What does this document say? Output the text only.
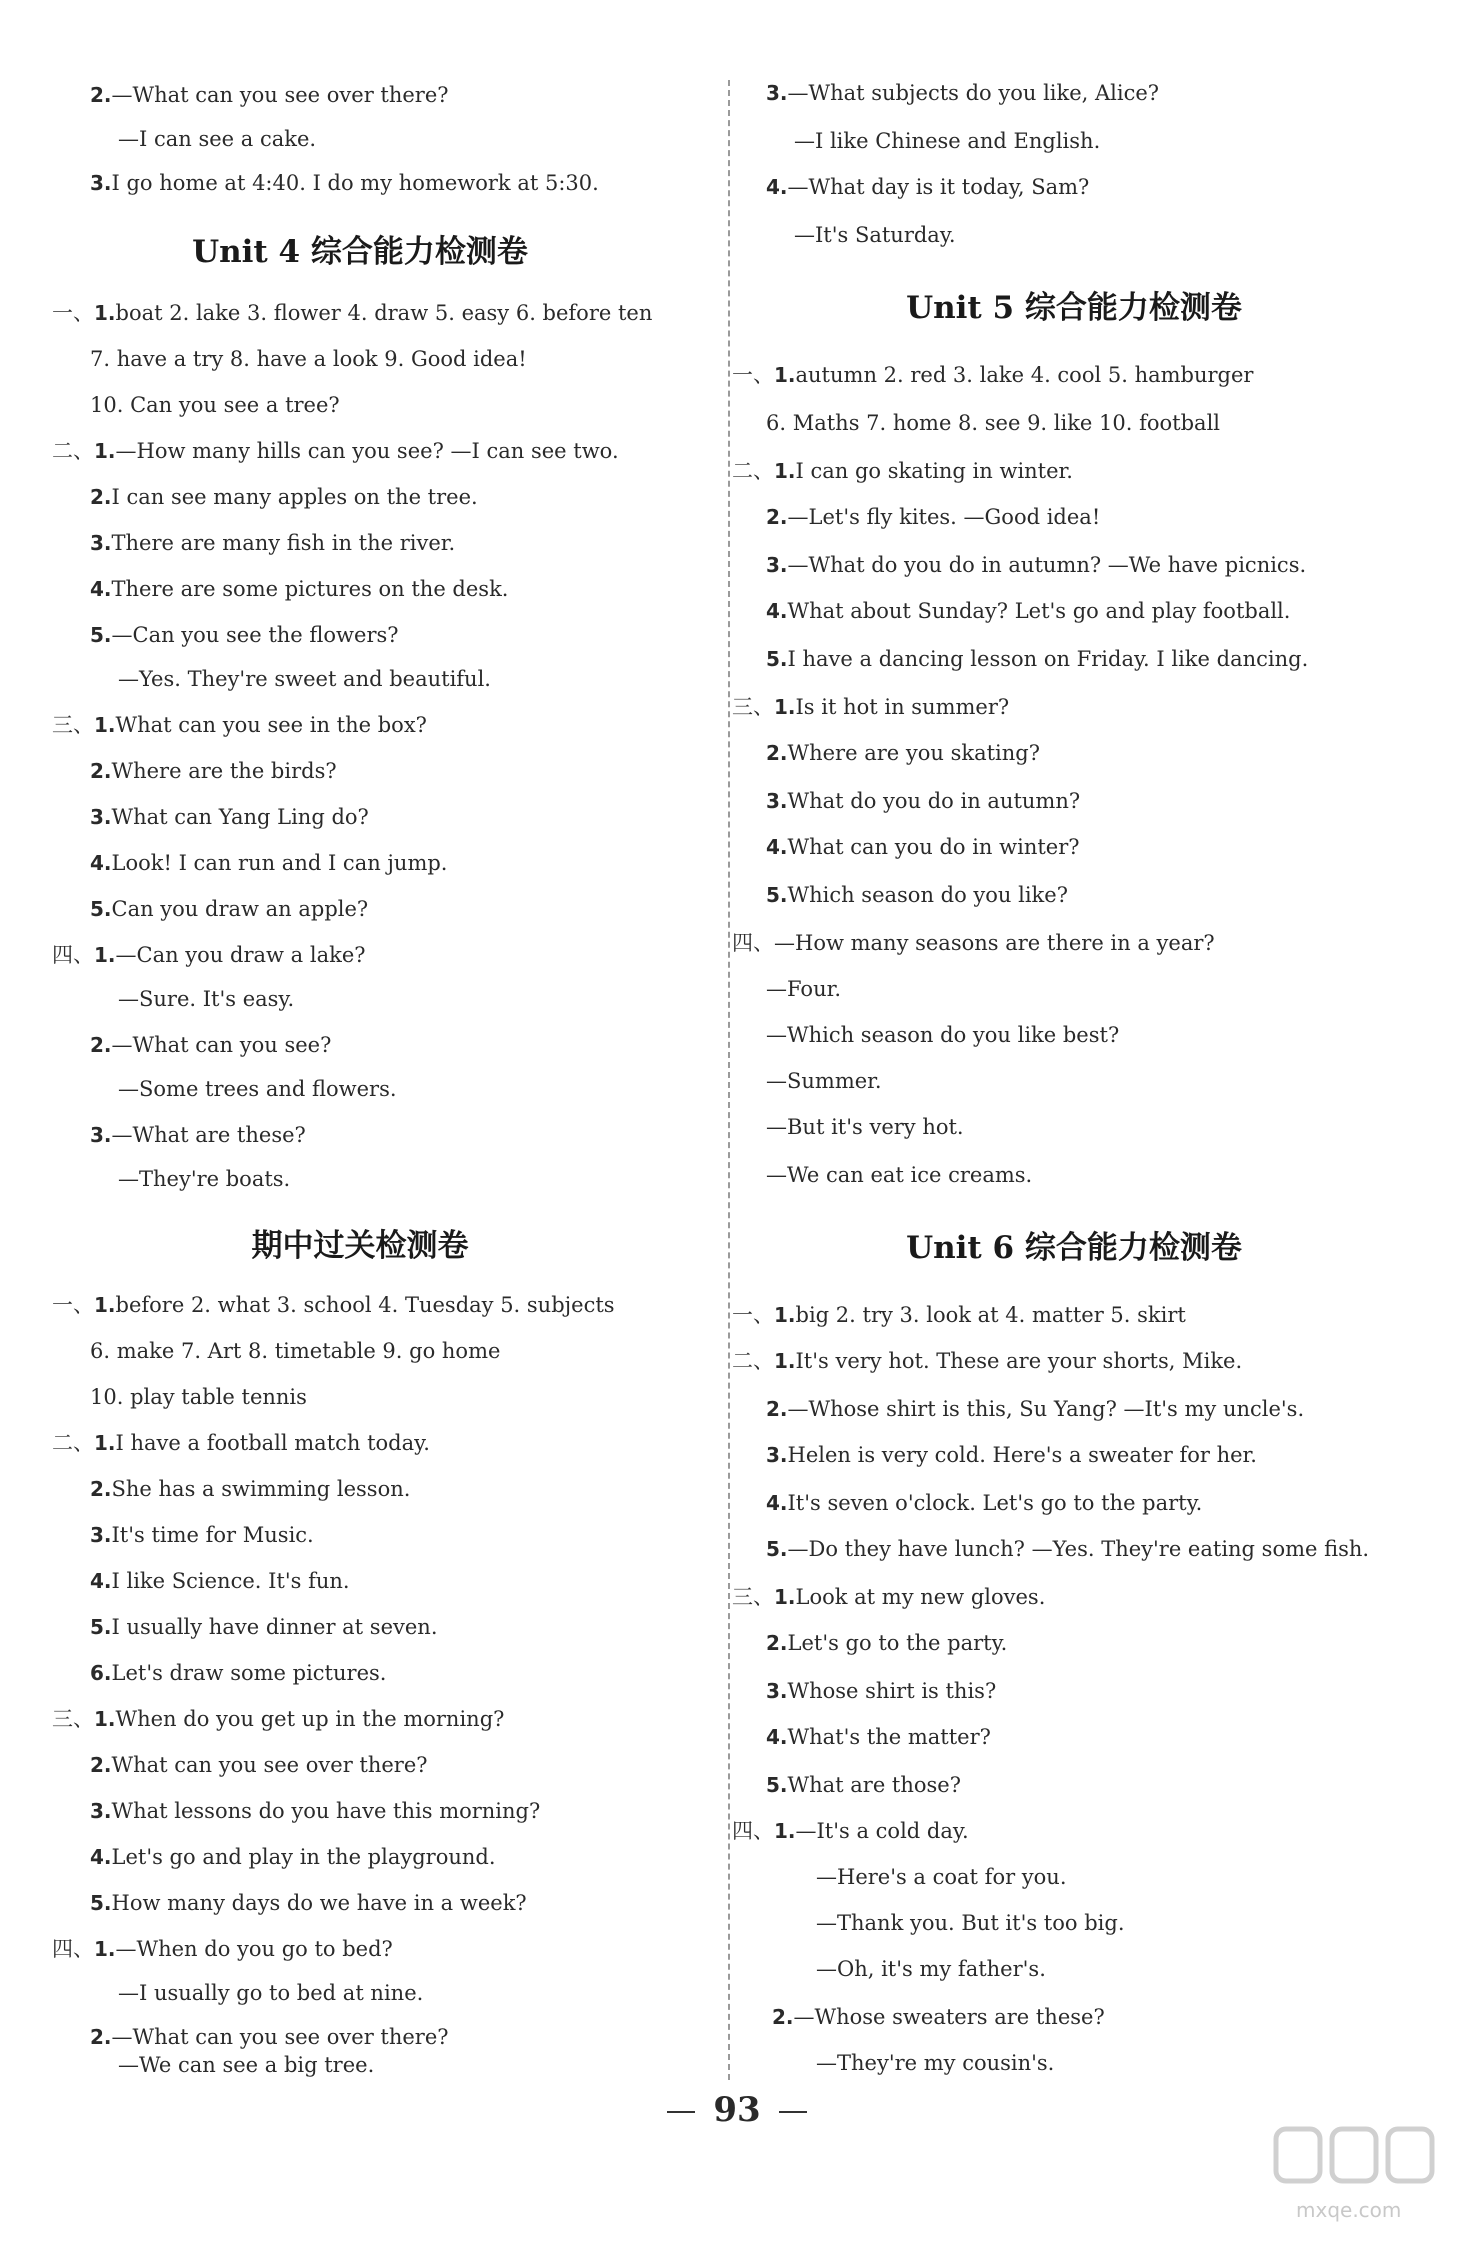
2.—What can you see over there?
—I can see a cake.
3.I go home at 4:40. I do my homework at 5:30.
Unit 4 综合能力检测卷
一、1.boat 2. lake 3. flower 4. draw 5. easy 6. before ten
7. have a try 8. have a look 9. Good idea!
10. Can you see a tree?
二、1.—How many hills can you see? —I can see two.
2.I can see many apples on the tree.
3.There are many fish in the river.
4.There are some pictures on the desk.
5.—Can you see the flowers?
—Yes. They're sweet and beautiful.
三、1.What can you see in the box?
2.Where are the birds?
3.What can Yang Ling do?
4.Look! I can run and I can jump.
5.Can you draw an apple?
四、1.—Can you draw a lake?
—Sure. It's easy.
2.—What can you see?
—Some trees and flowers.
3.—What are these?
—They're boats.
期中过关检测卷
一、1.before 2. what 3. school 4. Tuesday 5. subjects
6. make 7. Art 8. timetable 9. go home
10. play table tennis
二、1.I have a football match today.
2.She has a swimming lesson.
3.It's time for Music.
4.I like Science. It's fun.
5.I usually have dinner at seven.
6.Let's draw some pictures.
三、1.When do you get up in the morning?
2.What can you see over there?
3.What lessons do you have this morning?
4.Let's go and play in the playground.
5.How many days do we have in a week?
四、1.—When do you go to bed?
—I usually go to bed at nine.
2.—What can you see over there?
—We can see a big tree.
3.—What subjects do you like, Alice?
—I like Chinese and English.
4.—What day is it today, Sam?
—It's Saturday.
Unit 5 综合能力检测卷
一、1.autumn 2. red 3. lake 4. cool 5. hamburger
6. Maths 7. home 8. see 9. like 10. football
二、1.I can go skating in winter.
2.—Let's fly kites. —Good idea!
3.—What do you do in autumn? —We have picnics.
4.What about Sunday? Let's go and play football.
5.I have a dancing lesson on Friday. I like dancing.
三、1.Is it hot in summer?
2.Where are you skating?
3.What do you do in autumn?
4.What can you do in winter?
5.Which season do you like?
四、—How many seasons are there in a year?
—Four.
—Which season do you like best?
—Summer.
—But it's very hot.
—We can eat ice creams.
Unit 6 综合能力检测卷
一、1.big 2. try 3. look at 4. matter 5. skirt
二、1.It's very hot. These are your shorts, Mike.
2.—Whose shirt is this, Su Yang? —It's my uncle's.
3.Helen is very cold. Here's a sweater for her.
4.It's seven o'clock. Let's go to the party.
5.—Do they have lunch? —Yes. They're eating some fish.
三、1.Look at my new gloves.
2.Let's go to the party.
3.Whose shirt is this?
4.What's the matter?
5.What are those?
四、1.—It's a cold day.
—Here's a coat for you.
—Thank you. But it's too big.
—Oh, it's my father's.
2.—Whose sweaters are these?
—They're my cousin's.
93
mxqe.com
